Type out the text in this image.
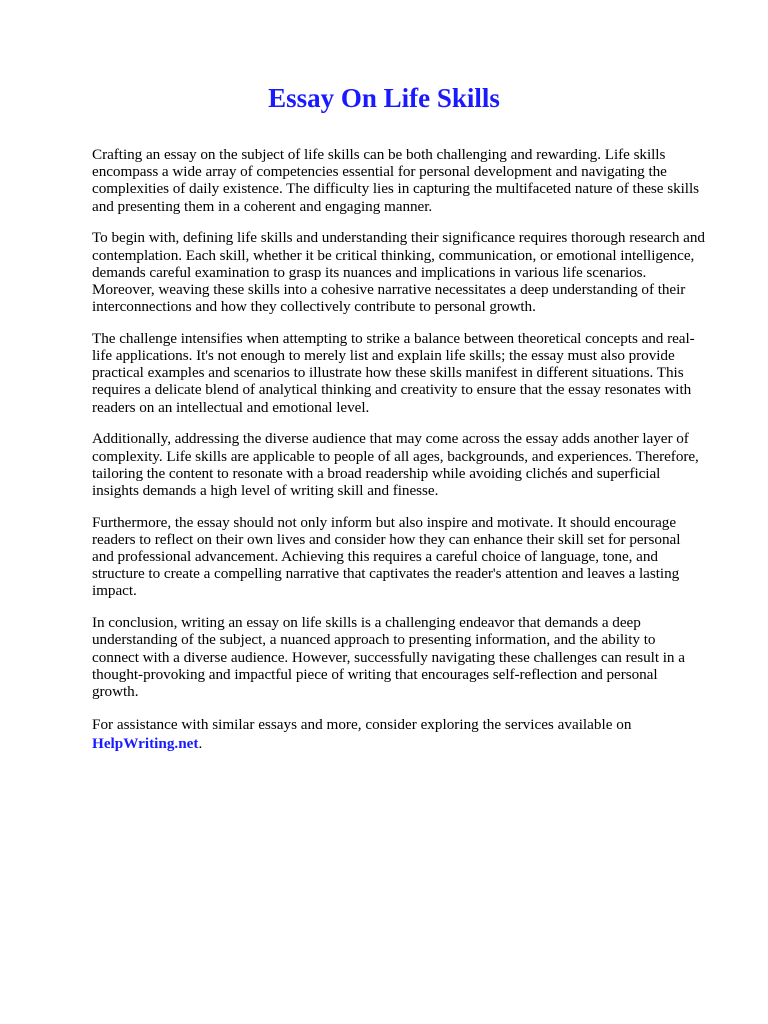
Essay On Life Skills

Crafting an essay on the subject of life skills can be both challenging and rewarding. Life skills
encompass a wide array of competencies essential for personal development and navigating the
complexities of daily existence. The difficulty lies in capturing the multifaceted nature of these skills
and presenting them in a coherent and engaging manner.

To begin with, defining life skills and understanding their significance requires thorough research and
contemplation. Each skill, whether it be critical thinking, communication, or emotional intelligence,
demands careful examination to grasp its nuances and implications in various life scenarios.
Moreover, weaving these skills into a cohesive narrative necessitates a deep understanding of their
interconnections and how they collectively contribute to personal growth.

The challenge intensifies when attempting to strike a balance between theoretical concepts and real-
life applications. It's not enough to merely list and explain life skills; the essay must also provide
practical examples and scenarios to illustrate how these skills manifest in different situations. This
requires a delicate blend of analytical thinking and creativity to ensure that the essay resonates with
readers on an intellectual and emotional level.

Additionally, addressing the diverse audience that may come across the essay adds another layer of
complexity. Life skills are applicable to people of all ages, backgrounds, and experiences. Therefore,
tailoring the content to resonate with a broad readership while avoiding clichés and superficial
insights demands a high level of writing skill and finesse.

Furthermore, the essay should not only inform but also inspire and motivate. It should encourage
readers to reflect on their own lives and consider how they can enhance their skill set for personal
and professional advancement. Achieving this requires a careful choice of language, tone, and
structure to create a compelling narrative that captivates the reader's attention and leaves a lasting
impact.

In conclusion, writing an essay on life skills is a challenging endeavor that demands a deep
understanding of the subject, a nuanced approach to presenting information, and the ability to
connect with a diverse audience. However, successfully navigating these challenges can result in a
thought-provoking and impactful piece of writing that encourages self-reflection and personal
growth.

For assistance with similar essays and more, consider exploring the services available on
HelpWriting.net.
